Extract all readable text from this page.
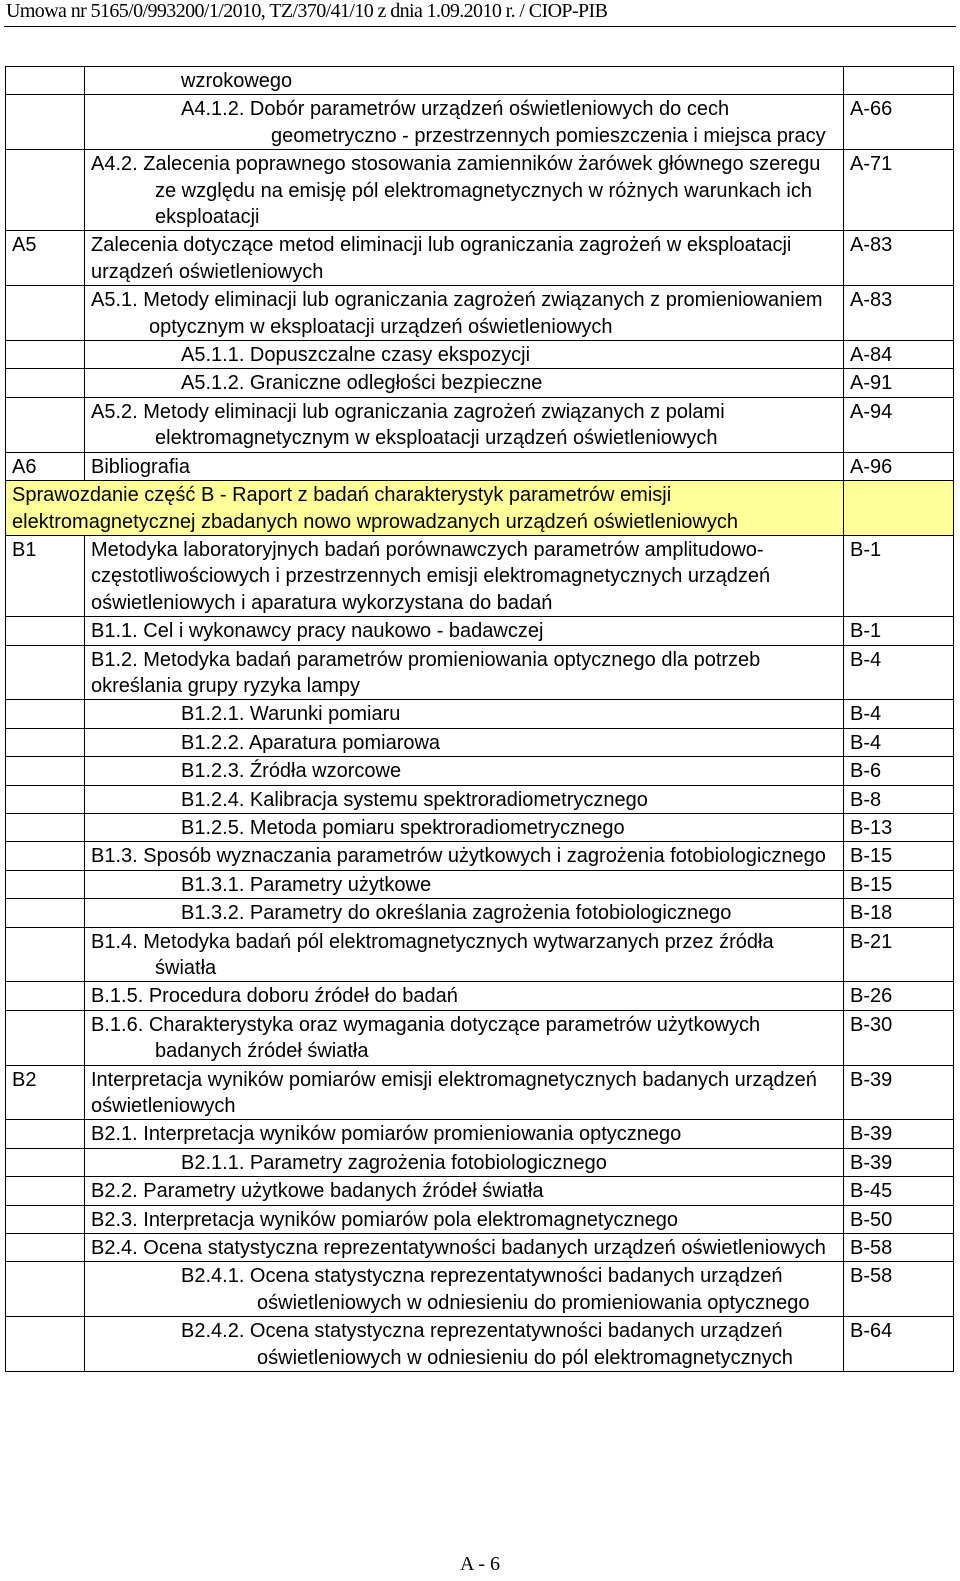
Umowa nr 5165/0/993200/1/2010, TZ/370/41/10 z dnia 1.09.2010 r. / CIOP-PIB

	wzrokowego	

	A4.1.2. Dobór parametrów urządzeń oświetleniowych do cech geometryczno - przestrzennych pomieszczenia i miejsca pracy	A-66

	A4.2. Zalecenia poprawnego stosowania zamienników żarówek głównego szeregu ze względu na emisję pól elektromagnetycznych w różnych warunkach ich eksploatacji	A-71
A5	Zalecenia dotyczące metod eliminacji lub ograniczania zagrożeń w eksploatacji urządzeń oświetleniowych	A-83

	A5.1. Metody eliminacji lub ograniczania zagrożeń związanych z promieniowaniem optycznym w eksploatacji urządzeń oświetleniowych	A-83

	A5.1.1. Dopuszczalne czasy ekspozycji	A-84

	A5.1.2. Graniczne odległości bezpieczne	A-91

	A5.2. Metody eliminacji lub ograniczania zagrożeń związanych z polami elektromagnetycznym w eksploatacji urządzeń oświetleniowych	A-94
A6	Bibliografia	A-96
Sprawozdanie część B - Raport z badań charakterystyk parametrów emisji elektromagnetycznej zbadanych nowo wprowadzanych urządzeń oświetleniowych		
B1	Metodyka laboratoryjnych badań porównawczych parametrów amplitudowo-częstotliwościowych i przestrzennych emisji elektromagnetycznych urządzeń oświetleniowych i aparatura wykorzystana do badań	B-1

	B1.1. Cel i wykonawcy pracy naukowo - badawczej	B-1

	B1.2. Metodyka badań parametrów promieniowania optycznego dla potrzeb określania grupy ryzyka lampy	B-4

	B1.2.1. Warunki pomiaru	B-4

	B1.2.2. Aparatura pomiarowa	B-4

	B1.2.3. Źródła wzorcowe	B-6

	B1.2.4. Kalibracja systemu spektroradiometrycznego	B-8

	B1.2.5. Metoda pomiaru spektroradiometrycznego	B-13

	B1.3. Sposób wyznaczania parametrów użytkowych i zagrożenia fotobiologicznego	B-15

	B1.3.1. Parametry użytkowe	B-15

	B1.3.2. Parametry do określania zagrożenia fotobiologicznego	B-18

	B1.4. Metodyka badań pól elektromagnetycznych wytwarzanych przez źródła światła	B-21

	B.1.5. Procedura doboru źródeł do badań	B-26

	B.1.6. Charakterystyka oraz wymagania dotyczące parametrów użytkowych badanych źródeł światła	B-30
B2	Interpretacja wyników pomiarów emisji elektromagnetycznych badanych urządzeń oświetleniowych	B-39

	B2.1. Interpretacja wyników pomiarów promieniowania optycznego	B-39

	B2.1.1. Parametry zagrożenia fotobiologicznego	B-39

	B2.2. Parametry użytkowe badanych źródeł światła	B-45

	B2.3. Interpretacja wyników pomiarów pola elektromagnetycznego	B-50

	B2.4. Ocena statystyczna reprezentatywności badanych urządzeń oświetleniowych	B-58

	B2.4.1. Ocena statystyczna reprezentatywności badanych urządzeń oświetleniowych w odniesieniu do promieniowania optycznego	B-58

	B2.4.2. Ocena statystyczna reprezentatywności badanych urządzeń oświetleniowych w odniesieniu do pól elektromagnetycznych	B-64
A - 6
